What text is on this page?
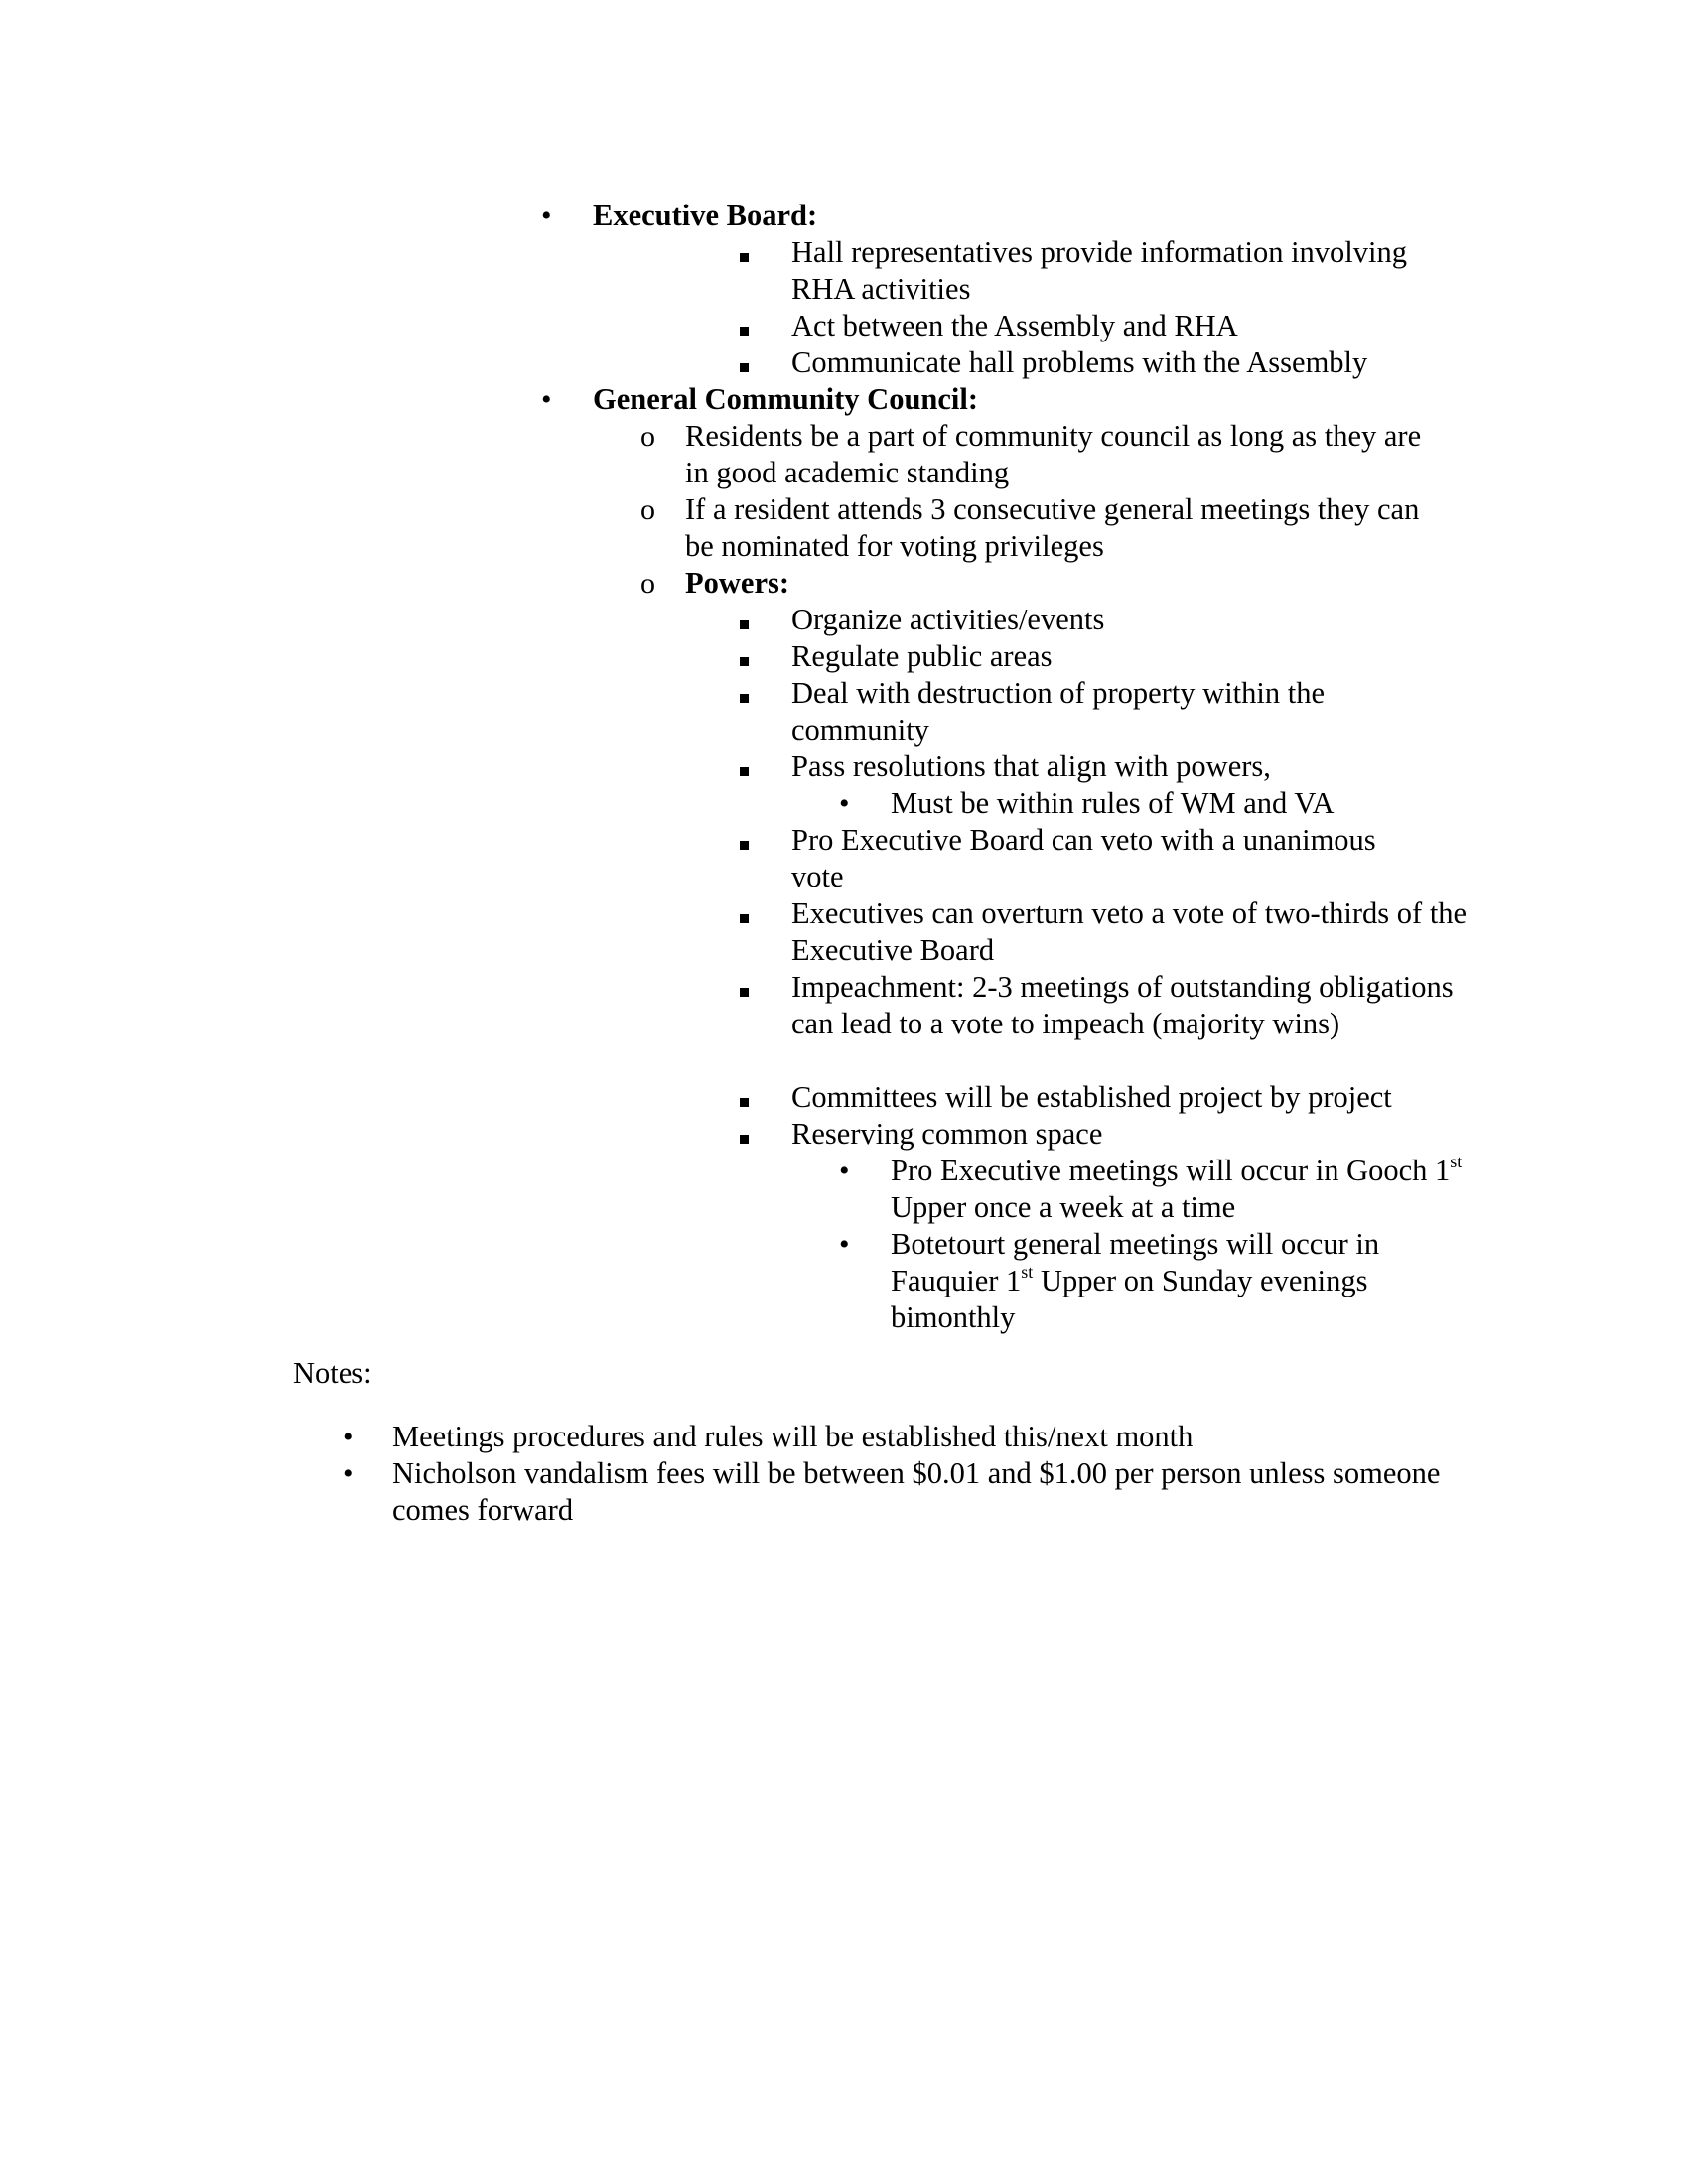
•	Executive Board:
Hall representatives provide information involving RHA activities
Act between the Assembly and RHA
Communicate hall problems with the Assembly
•	General Community Council:
o Residents be a part of community council as long as they are in good academic standing
o If a resident attends 3 consecutive general meetings they can be nominated for voting privileges
o Powers:
Organize activities/events
Regulate public areas
Deal with destruction of property within the community
Pass resolutions that align with powers,
•	Must be within rules of WM and VA
Pro Executive Board can veto with a unanimous vote
Executives can overturn veto a vote of two-thirds of the Executive Board
Impeachment: 2-3 meetings of outstanding obligations can lead to a vote to impeach (majority wins)
Committees will be established project by project
Reserving common space
•	Pro Executive meetings will occur in Gooch 1st Upper once a week at a time
•	Botetourt general meetings will occur in Fauquier 1st Upper on Sunday evenings bimonthly
Notes:
•	Meetings procedures and rules will be established this/next month
•	Nicholson vandalism fees will be between $0.01 and $1.00 per person unless someone comes forward
